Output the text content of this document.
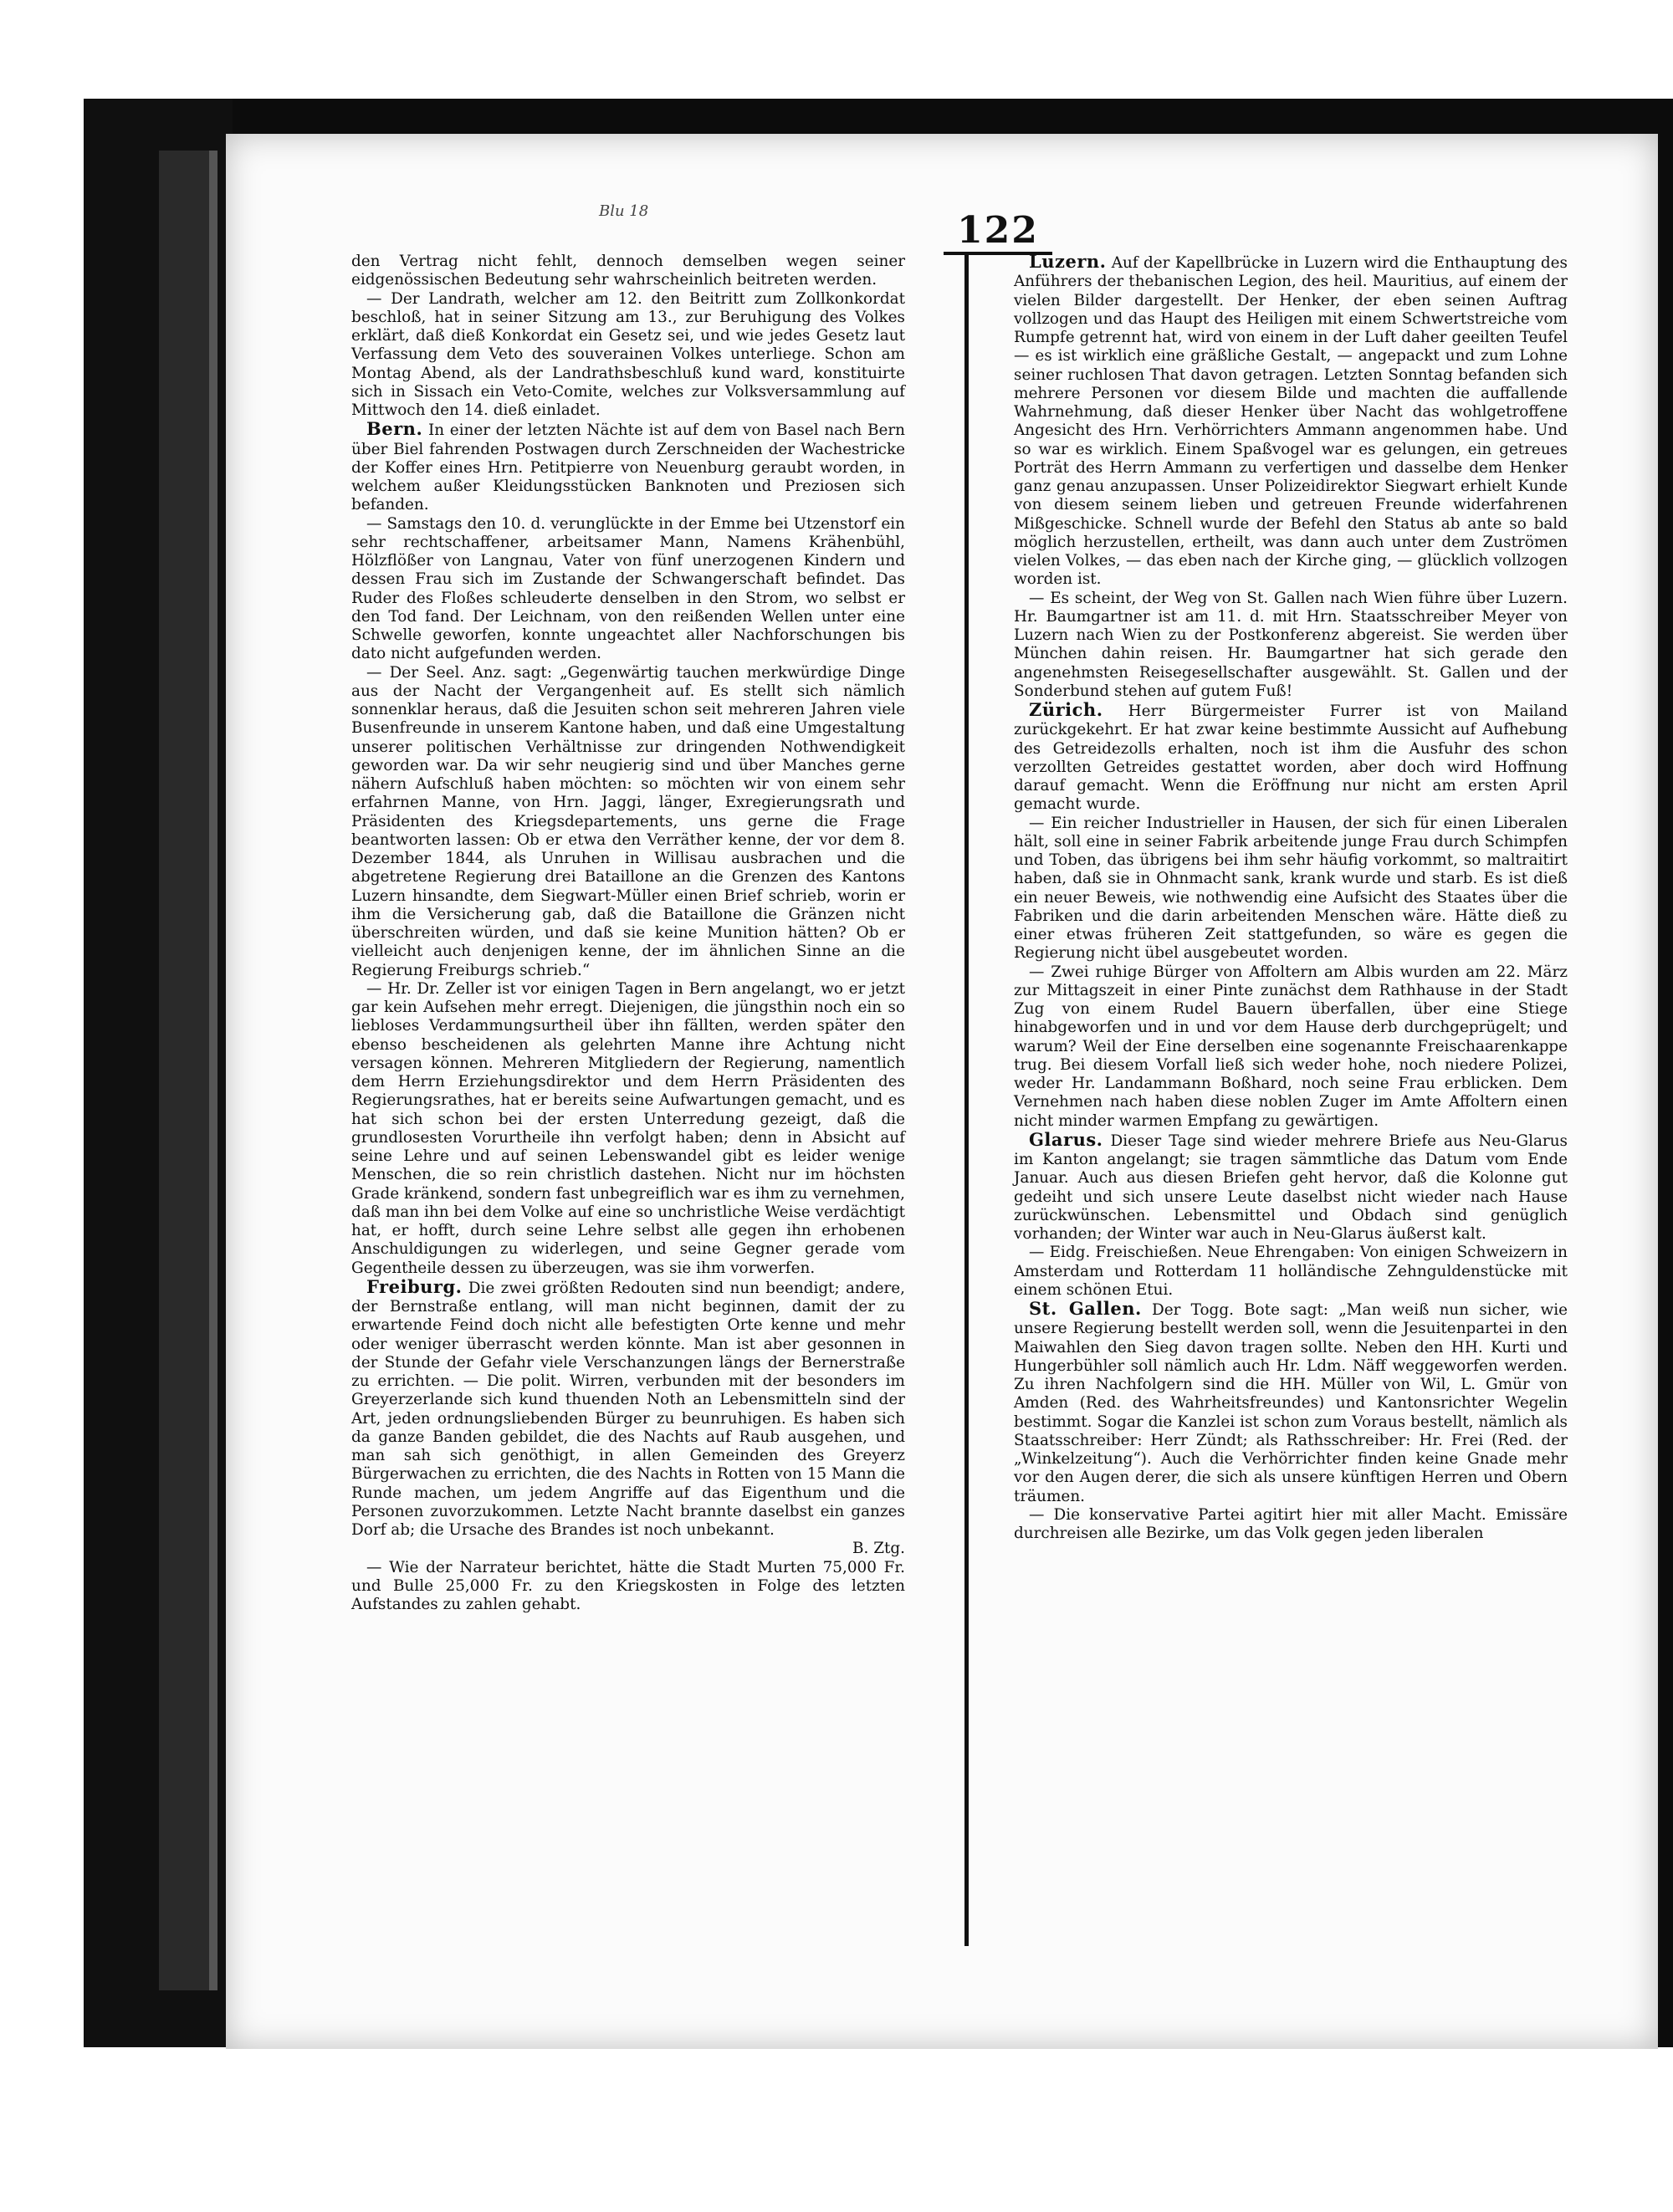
Blu 18	122

den Vertrag nicht fehlt, dennoch demselben wegen seiner eidgenössischen Bedeutung sehr wahrscheinlich beitreten werden.

— Der Landrath, welcher am 12. den Beitritt zum Zollkonkordat beschloß, hat in seiner Sitzung am 13., zur Beruhigung des Volkes erklärt, daß dieß Konkordat ein Gesetz sei, und wie jedes Gesetz laut Verfassung dem Veto des souverainen Volkes unterliege. Schon am Montag Abend, als der Landrathsbeschluß kund ward, konstituirte sich in Sissach ein Veto-Comite, welches zur Volksversammlung auf Mittwoch den 14. dieß einladet.

Bern. In einer der letzten Nächte ist auf dem von Basel nach Bern über Biel fahrenden Postwagen durch Zerschneiden der Wachestricke der Koffer eines Hrn. Petitpierre von Neuenburg geraubt worden, in welchem außer Kleidungsstücken Banknoten und Preziosen sich befanden.

— Samstags den 10. d. verunglückte in der Emme bei Utzenstorf ein sehr rechtschaffener, arbeitsamer Mann, Namens Krähenbühl, Hölzflößer von Langnau, Vater von fünf unerzogenen Kindern und dessen Frau sich im Zustande der Schwangerschaft befindet. Das Ruder des Floßes schleuderte denselben in den Strom, wo selbst er den Tod fand. Der Leichnam, von den reißenden Wellen unter eine Schwelle geworfen, konnte ungeachtet aller Nachforschungen bis dato nicht aufgefunden werden.

— Der Seel. Anz. sagt: „Gegenwärtig tauchen merkwürdige Dinge aus der Nacht der Vergangenheit auf. Es stellt sich nämlich sonnenklar heraus, daß die Jesuiten schon seit mehreren Jahren viele Busenfreunde in unserem Kantone haben, und daß eine Umgestaltung unserer politischen Verhältnisse zur dringenden Nothwendigkeit geworden war. Da wir sehr neugierig sind und über Manches gerne nähern Aufschluß haben möchten: so möchten wir von einem sehr erfahrnen Manne, von Hrn. Jaggi, länger, Exregierungsrath und Präsidenten des Kriegsdepartements, uns gerne die Frage beantworten lassen: Ob er etwa den Verräther kenne, der vor dem 8. Dezember 1844, als Unruhen in Willisau ausbrachen und die abgetretene Regierung drei Bataillone an die Grenzen des Kantons Luzern hinsandte, dem Siegwart-Müller einen Brief schrieb, worin er ihm die Versicherung gab, daß die Bataillone die Gränzen nicht überschreiten würden, und daß sie keine Munition hätten? Ob er vielleicht auch denjenigen kenne, der im ähnlichen Sinne an die Regierung Freiburgs schrieb.“

— Hr. Dr. Zeller ist vor einigen Tagen in Bern angelangt, wo er jetzt gar kein Aufsehen mehr erregt. Diejenigen, die jüngsthin noch ein so liebloses Verdammungsurtheil über ihn fällten, werden später den ebenso bescheidenen als gelehrten Manne ihre Achtung nicht versagen können. Mehreren Mitgliedern der Regierung, namentlich dem Herrn Erziehungsdirektor und dem Herrn Präsidenten des Regierungsrathes, hat er bereits seine Aufwartungen gemacht, und es hat sich schon bei der ersten Unterredung gezeigt, daß die grundlosesten Vorurtheile ihn verfolgt haben; denn in Absicht auf seine Lehre und auf seinen Lebenswandel gibt es leider wenige Menschen, die so rein christlich dastehen. Nicht nur im höchsten Grade kränkend, sondern fast unbegreiflich war es ihm zu vernehmen, daß man ihn bei dem Volke auf eine so unchristliche Weise verdächtigt hat, er hofft, durch seine Lehre selbst alle gegen ihn erhobenen Anschuldigungen zu widerlegen, und seine Gegner gerade vom Gegentheile dessen zu überzeugen, was sie ihm vorwerfen.

Freiburg. Die zwei größten Redouten sind nun beendigt; andere, der Bernstraße entlang, will man nicht beginnen, damit der zu erwartende Feind doch nicht alle befestigten Orte kenne und mehr oder weniger überrascht werden könnte. Man ist aber gesonnen in der Stunde der Gefahr viele Verschanzungen längs der Bernerstraße zu errichten. — Die polit. Wirren, verbunden mit der besonders im Greyerzerlande sich kund thuenden Noth an Lebensmitteln sind der Art, jeden ordnungsliebenden Bürger zu beunruhigen. Es haben sich da ganze Banden gebildet, die des Nachts auf Raub ausgehen, und man sah sich genöthigt, in allen Gemeinden des Greyerz Bürgerwachen zu errichten, die des Nachts in Rotten von 15 Mann die Runde machen, um jedem Angriffe auf das Eigenthum und die Personen zuvorzukommen. Letzte Nacht brannte daselbst ein ganzes Dorf ab; die Ursache des Brandes ist noch unbekannt.

B. Ztg.

— Wie der Narrateur berichtet, hätte die Stadt Murten 75,000 Fr. und Bulle 25,000 Fr. zu den Kriegskosten in Folge des letzten Aufstandes zu zahlen gehabt.

Luzern. Auf der Kapellbrücke in Luzern wird die Enthauptung des Anführers der thebanischen Legion, des heil. Mauritius, auf einem der vielen Bilder dargestellt. Der Henker, der eben seinen Auftrag vollzogen und das Haupt des Heiligen mit einem Schwertstreiche vom Rumpfe getrennt hat, wird von einem in der Luft daher geeilten Teufel — es ist wirklich eine gräßliche Gestalt, — angepackt und zum Lohne seiner ruchlosen That davon getragen. Letzten Sonntag befanden sich mehrere Personen vor diesem Bilde und machten die auffallende Wahrnehmung, daß dieser Henker über Nacht das wohlgetroffene Angesicht des Hrn. Verhörrichters Ammann angenommen habe. Und so war es wirklich. Einem Spaßvogel war es gelungen, ein getreues Porträt des Herrn Ammann zu verfertigen und dasselbe dem Henker ganz genau anzupassen. Unser Polizeidirektor Siegwart erhielt Kunde von diesem seinem lieben und getreuen Freunde widerfahrenen Mißgeschicke. Schnell wurde der Befehl den Status ab ante so bald möglich herzustellen, ertheilt, was dann auch unter dem Zuströmen vielen Volkes, — das eben nach der Kirche ging, — glücklich vollzogen worden ist.

— Es scheint, der Weg von St. Gallen nach Wien führe über Luzern. Hr. Baumgartner ist am 11. d. mit Hrn. Staatsschreiber Meyer von Luzern nach Wien zu der Postkonferenz abgereist. Sie werden über München dahin reisen. Hr. Baumgartner hat sich gerade den angenehmsten Reisegesellschafter ausgewählt. St. Gallen und der Sonderbund stehen auf gutem Fuß!

Zürich. Herr Bürgermeister Furrer ist von Mailand zurückgekehrt. Er hat zwar keine bestimmte Aussicht auf Aufhebung des Getreidezolls erhalten, noch ist ihm die Ausfuhr des schon verzollten Getreides gestattet worden, aber doch wird Hoffnung darauf gemacht. Wenn die Eröffnung nur nicht am ersten April gemacht wurde.

— Ein reicher Industrieller in Hausen, der sich für einen Liberalen hält, soll eine in seiner Fabrik arbeitende junge Frau durch Schimpfen und Toben, das übrigens bei ihm sehr häufig vorkommt, so maltraitirt haben, daß sie in Ohnmacht sank, krank wurde und starb. Es ist dieß ein neuer Beweis, wie nothwendig eine Aufsicht des Staates über die Fabriken und die darin arbeitenden Menschen wäre. Hätte dieß zu einer etwas früheren Zeit stattgefunden, so wäre es gegen die Regierung nicht übel ausgebeutet worden.

— Zwei ruhige Bürger von Affoltern am Albis wurden am 22. März zur Mittagszeit in einer Pinte zunächst dem Rathhause in der Stadt Zug von einem Rudel Bauern überfallen, über eine Stiege hinabgeworfen und in und vor dem Hause derb durchgeprügelt; und warum? Weil der Eine derselben eine sogenannte Freischaarenkappe trug. Bei diesem Vorfall ließ sich weder hohe, noch niedere Polizei, weder Hr. Landammann Boßhard, noch seine Frau erblicken. Dem Vernehmen nach haben diese noblen Zuger im Amte Affoltern einen nicht minder warmen Empfang zu gewärtigen.

Glarus. Dieser Tage sind wieder mehrere Briefe aus Neu-Glarus im Kanton angelangt; sie tragen sämmtliche das Datum vom Ende Januar. Auch aus diesen Briefen geht hervor, daß die Kolonne gut gedeiht und sich unsere Leute daselbst nicht wieder nach Hause zurückwünschen. Lebensmittel und Obdach sind genüglich vorhanden; der Winter war auch in Neu-Glarus äußerst kalt.

— Eidg. Freischießen. Neue Ehrengaben: Von einigen Schweizern in Amsterdam und Rotterdam 11 holländische Zehnguldenstücke mit einem schönen Etui.

St. Gallen. Der Togg. Bote sagt: „Man weiß nun sicher, wie unsere Regierung bestellt werden soll, wenn die Jesuitenpartei in den Maiwahlen den Sieg davon tragen sollte. Neben den HH. Kurti und Hungerbühler soll nämlich auch Hr. Ldm. Näff weggeworfen werden. Zu ihren Nachfolgern sind die HH. Müller von Wil, L. Gmür von Amden (Red. des Wahrheitsfreundes) und Kantonsrichter Wegelin bestimmt. Sogar die Kanzlei ist schon zum Voraus bestellt, nämlich als Staatsschreiber: Herr Zündt; als Rathsschreiber: Hr. Frei (Red. der „Winkelzeitung“). Auch die Verhörrichter finden keine Gnade mehr vor den Augen derer, die sich als unsere künftigen Herren und Obern träumen.

— Die konservative Partei agitirt hier mit aller Macht. Emissäre durchreisen alle Bezirke, um das Volk gegen jeden liberalen
